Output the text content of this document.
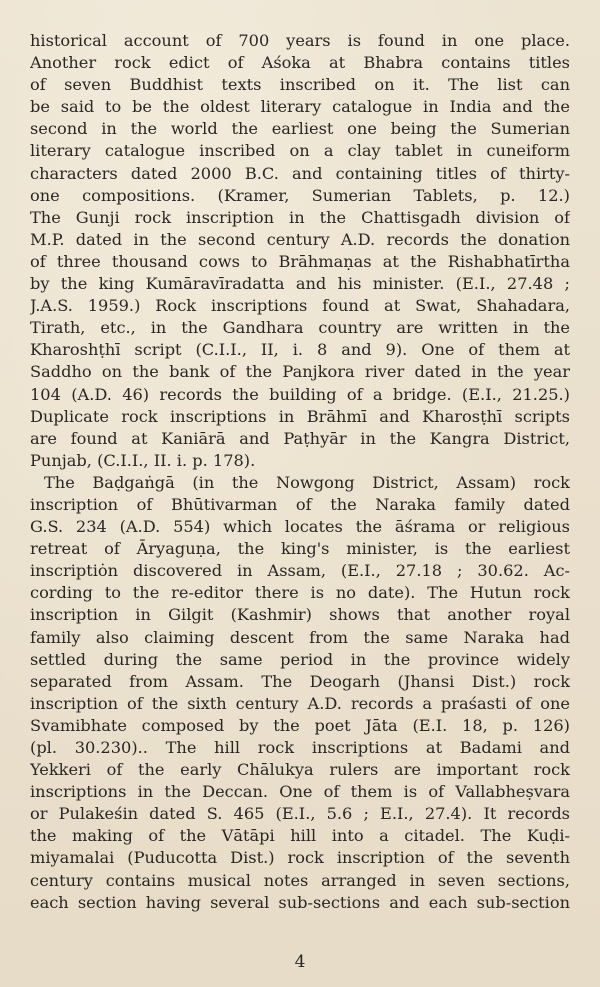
historical account of 700 years is found in one place.
Another rock edict of Aśoka at Bhabra contains titles
of seven Buddhist texts inscribed on it. The list can
be said to be the oldest literary catalogue in India and the
second in the world the earliest one being the Sumerian
literary catalogue inscribed on a clay tablet in cuneiform
characters dated 2000 B.C. and containing titles of thirty-
one compositions. (Kramer, Sumerian Tablets, p. 12.)
The Gunji rock inscription in the Chattisgadh division of
M.P. dated in the second century A.D. records the donation
of three thousand cows to Brāhmaṇas at the Rishabhatīrtha
by the king Kumāravīradatta and his minister. (E.I., 27.48 ;
J.A.S. 1959.) Rock inscriptions found at Swat, Shahadara,
Tirath, etc., in the Gandhara country are written in the
Kharoshṭhī script (C.I.I., II, i. 8 and 9). One of them at
Saddho on the bank of the Panjkora river dated in the year
104 (A.D. 46) records the building of a bridge. (E.I., 21.25.)
Duplicate rock inscriptions in Brāhmī and Kharosṭhī scripts
are found at Kaniārā and Paṭhyār in the Kangra District,
Punjab, (C.I.I., II. i. p. 178).
The Baḍgaṅgā (in the Nowgong District, Assam) rock
inscription of Bhūtivarman of the Naraka family dated
G.S. 234 (A.D. 554) which locates the āśrama or religious
retreat of Āryaguṇa, the king's minister, is the earliest
inscriptiȯn discovered in Assam, (E.I., 27.18 ; 30.62. Ac-
cording to the re-editor there is no date). The Hutun rock
inscription in Gilgit (Kashmir) shows that another royal
family also claiming descent from the same Naraka had
settled during the same period in the province widely
separated from Assam. The Deogarh (Jhansi Dist.) rock
inscription of the sixth century A.D. records a praśasti of one
Svamibhate composed by the poet Jāta (E.I. 18, p. 126)
(pl. 30.230).. The hill rock inscriptions at Badami and
Yekkeri of the early Chālukya rulers are important rock
inscriptions in the Deccan. One of them is of Vallabheṣvara
or Pulakeśin dated S. 465 (E.I., 5.6 ; E.I., 27.4). It records
the making of the Vātāpi hill into a citadel. The Kuḍi-
miyamalai (Puducotta Dist.) rock inscription of the seventh
century contains musical notes arranged in seven sections,
each section having several sub-sections and each sub-section
4
